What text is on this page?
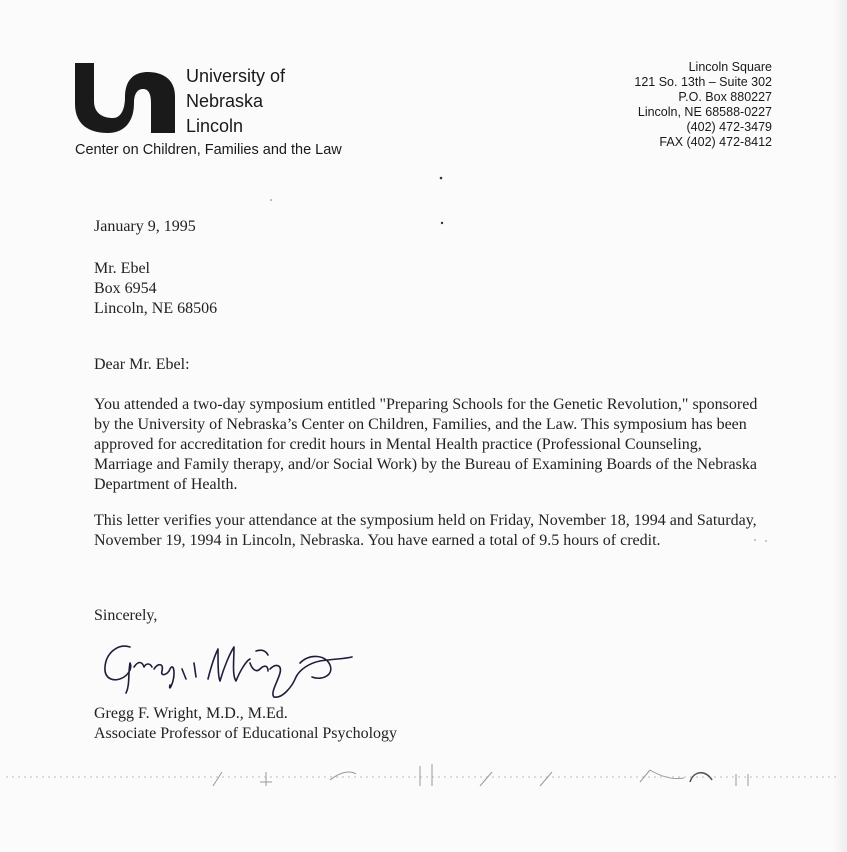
University of
Nebraska
Lincoln
Center on Children, Families and the Law
Lincoln Square
121 So. 13th – Suite 302
P.O. Box 880227
Lincoln, NE 68588-0227
(402) 472-3479
FAX (402) 472-8412
January 9, 1995
Mr. Ebel
Box 6954
Lincoln, NE 68506
Dear Mr. Ebel:

You attended a two-day symposium entitled "Preparing Schools for the Genetic Revolution," sponsored by the University of Nebraska’s Center on Children, Families, and the Law. This symposium has been approved for accreditation for credit hours in Mental Health practice (Professional Counseling, Marriage and Family therapy, and/or Social Work) by the Bureau of Examining Boards of the Nebraska Department of Health.

This letter verifies your attendance at the symposium held on Friday, November 18, 1994 and Saturday, November 19, 1994 in Lincoln, Nebraska. You have earned a total of 9.5 hours of credit.

Sincerely,
Gregg F. Wright, M.D., M.Ed.
Associate Professor of Educational Psychology
